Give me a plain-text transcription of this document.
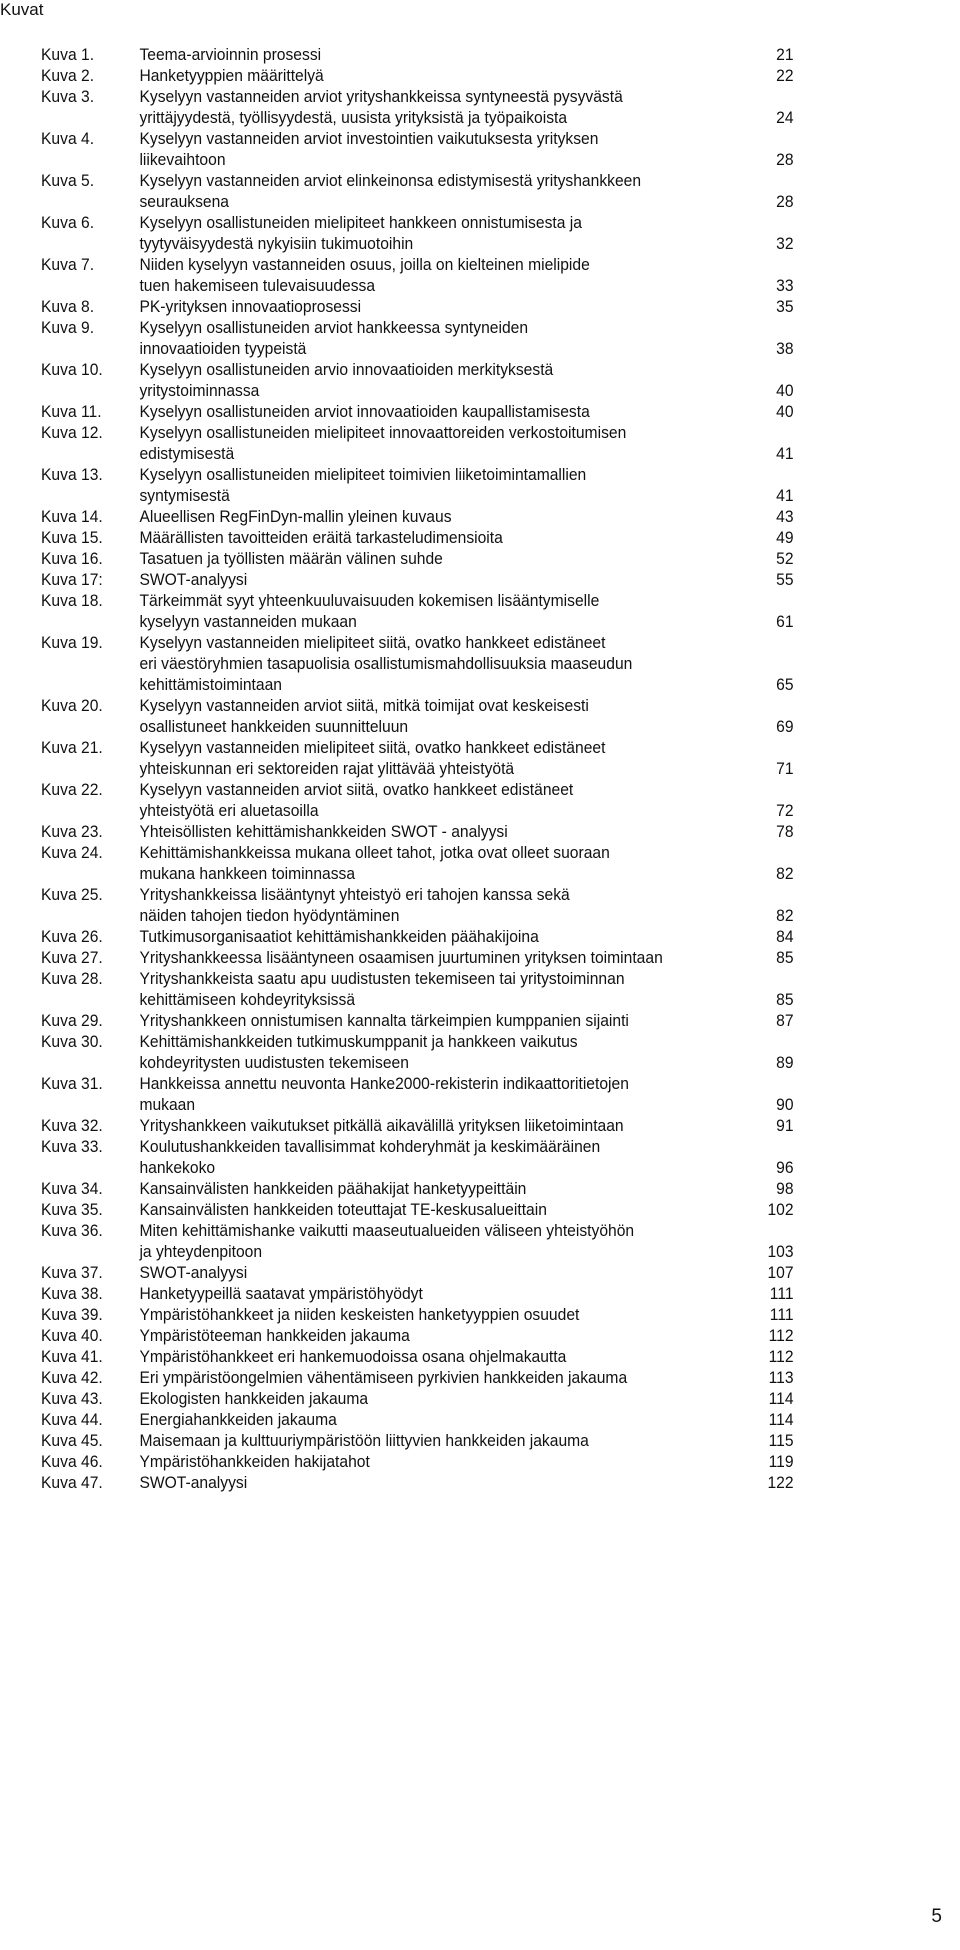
Kuvat
Kuva 1.	Teema-arvioinnin prosessi	21
Kuva 2.	Hanketyyppien määrittelyä	22
Kuva 3.	Kyselyyn vastanneiden arviot yrityshankkeissa syntyneestä pysyvästä
yrittäjyydestä, työllisyydestä, uusista yrityksistä ja työpaikoista	24
Kuva 4.	Kyselyyn vastanneiden arviot investointien vaikutuksesta yrityksen
liikevaihtoon	28
Kuva 5.	Kyselyyn vastanneiden arviot elinkeinonsa edistymisestä yrityshankkeen
seurauksena	28
Kuva 6.	Kyselyyn osallistuneiden mielipiteet hankkeen onnistumisesta ja
tyytyväisyydestä nykyisiin tukimuotoihin	32
Kuva 7.	Niiden kyselyyn vastanneiden osuus, joilla on kielteinen mielipide
tuen hakemiseen tulevaisuudessa	33
Kuva 8.	PK-yrityksen innovaatioprosessi	35
Kuva 9.	Kyselyyn osallistuneiden arviot hankkeessa syntyneiden
innovaatioiden tyypeistä	38
Kuva 10.	Kyselyyn osallistuneiden arvio innovaatioiden merkityksestä
yritystoiminnassa	40
Kuva 11.	Kyselyyn osallistuneiden arviot innovaatioiden kaupallistamisesta	40
Kuva 12.	Kyselyyn osallistuneiden mielipiteet innovaattoreiden verkostoitumisen
edistymisestä	41
Kuva 13.	Kyselyyn osallistuneiden mielipiteet toimivien liiketoimintamallien
syntymisestä	41
Kuva 14.	Alueellisen RegFinDyn-mallin yleinen kuvaus	43
Kuva 15.	Määrällisten tavoitteiden eräitä tarkasteludimensioita	49
Kuva 16.	Tasatuen ja työllisten määrän välinen suhde	52
Kuva 17:	SWOT-analyysi	55
Kuva 18.	Tärkeimmät syyt yhteenkuuluvaisuuden kokemisen lisääntymiselle
kyselyyn vastanneiden mukaan	61
Kuva 19.	Kyselyyn vastanneiden mielipiteet siitä, ovatko hankkeet edistäneet
eri väestöryhmien tasapuolisia osallistumismahdollisuuksia maaseudun
kehittämistoimintaan	65
Kuva 20.	Kyselyyn vastanneiden arviot siitä, mitkä toimijat ovat keskeisesti
osallistuneet hankkeiden suunnitteluun	69
Kuva 21.	Kyselyyn vastanneiden mielipiteet siitä, ovatko hankkeet edistäneet
yhteiskunnan eri sektoreiden rajat ylittävää yhteistyötä	71
Kuva 22.	Kyselyyn vastanneiden arviot siitä, ovatko hankkeet edistäneet
yhteistyötä eri aluetasoilla	72
Kuva 23.	Yhteisöllisten kehittämishankkeiden SWOT - analyysi	78
Kuva 24.	Kehittämishankkeissa mukana olleet tahot, jotka ovat olleet suoraan
mukana hankkeen toiminnassa	82
Kuva 25.	Yrityshankkeissa lisääntynyt yhteistyö eri tahojen kanssa sekä
näiden tahojen tiedon hyödyntäminen	82
Kuva 26.	Tutkimusorganisaatiot kehittämishankkeiden päähakijoina	84
Kuva 27.	Yrityshankkeessa lisääntyneen osaamisen juurtuminen yrityksen toimintaan	85
Kuva 28.	Yrityshankkeista saatu apu uudistusten tekemiseen tai yritystoiminnan
kehittämiseen kohdeyrityksissä	85
Kuva 29.	Yrityshankkeen onnistumisen kannalta tärkeimpien kumppanien sijainti	87
Kuva 30.	Kehittämishankkeiden tutkimuskumppanit ja hankkeen vaikutus
kohdeyritysten uudistusten tekemiseen	89
Kuva 31.	Hankkeissa annettu neuvonta Hanke2000-rekisterin indikaattoritietojen
mukaan	90
Kuva 32.	Yrityshankkeen vaikutukset pitkällä aikavälillä yrityksen liiketoimintaan	91
Kuva 33.	Koulutushankkeiden tavallisimmat kohderyhmät ja keskimääräinen
hankekoko	96
Kuva 34.	Kansainvälisten hankkeiden päähakijat hanketyypeittäin	98
Kuva 35.	Kansainvälisten hankkeiden toteuttajat TE-keskusalueittain	102
Kuva 36.	Miten kehittämishanke vaikutti maaseutualueiden väliseen yhteistyöhön
ja yhteydenpitoon	103
Kuva 37.	SWOT-analyysi	107
Kuva 38.	Hanketyypeillä saatavat ympäristöhyödyt	111
Kuva 39.	Ympäristöhankkeet ja niiden keskeisten hanketyyppien osuudet	111
Kuva 40.	Ympäristöteeman hankkeiden jakauma	112
Kuva 41.	Ympäristöhankkeet eri hankemuodoissa osana ohjelmakautta	112
Kuva 42.	Eri ympäristöongelmien vähentämiseen pyrkivien hankkeiden jakauma	113
Kuva 43.	Ekologisten hankkeiden jakauma	114
Kuva 44.	Energiahankkeiden jakauma	114
Kuva 45.	Maisemaan ja kulttuuriympäristöön liittyvien hankkeiden jakauma	115
Kuva 46.	Ympäristöhankkeiden hakijatahot	119
Kuva 47.	SWOT-analyysi	122
5
